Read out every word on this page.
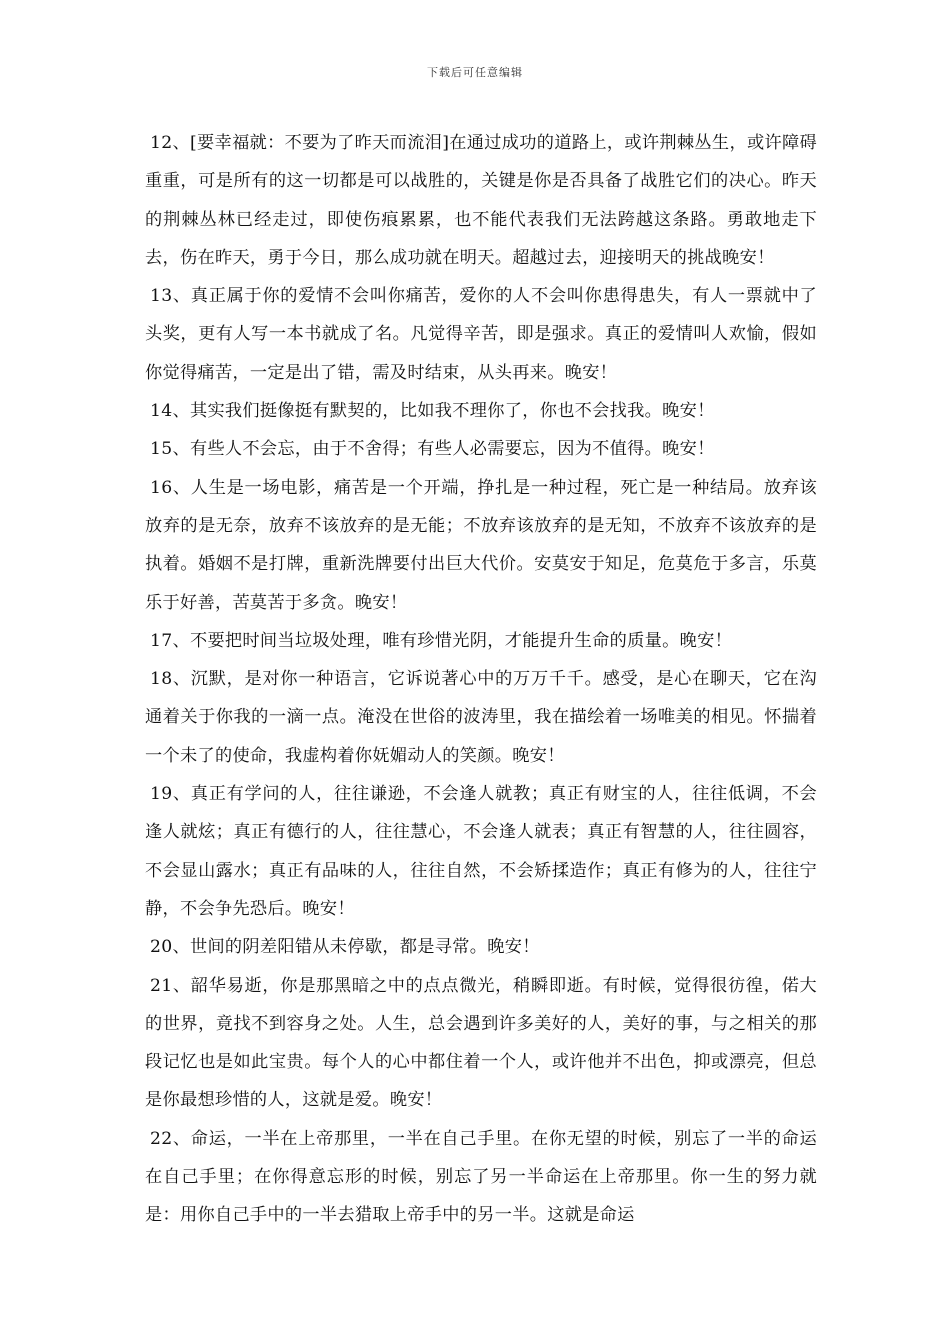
下载后可任意编辑

12、[要幸福就：不要为了昨天而流泪]在通过成功的道路上，或许荆棘丛生，或许障碍重重，可是所有的这一切都是可以战胜的，关键是你是否具备了战胜它们的决心。昨天的荆棘丛林已经走过，即使伤痕累累，也不能代表我们无法跨越这条路。勇敢地走下去，伤在昨天，勇于今日，那么成功就在明天。超越过去，迎接明天的挑战晚安！

13、真正属于你的爱情不会叫你痛苦，爱你的人不会叫你患得患失，有人一票就中了头奖，更有人写一本书就成了名。凡觉得辛苦，即是强求。真正的爱情叫人欢愉，假如你觉得痛苦，一定是出了错，需及时结束，从头再来。晚安！

14、其实我们挺像挺有默契的，比如我不理你了，你也不会找我。晚安！

15、有些人不会忘，由于不舍得；有些人必需要忘，因为不值得。晚安！

16、人生是一场电影，痛苦是一个开端，挣扎是一种过程，死亡是一种结局。放弃该放弃的是无奈，放弃不该放弃的是无能；不放弃该放弃的是无知，不放弃不该放弃的是执着。婚姻不是打牌，重新洗牌要付出巨大代价。安莫安于知足，危莫危于多言，乐莫乐于好善，苦莫苦于多贪。晚安！

17、不要把时间当垃圾处理，唯有珍惜光阴，才能提升生命的质量。晚安！

18、沉默，是对你一种语言，它诉说著心中的万万千千。感受，是心在聊天，它在沟通着关于你我的一滴一点。淹没在世俗的波涛里，我在描绘着一场唯美的相见。怀揣着一个未了的使命，我虚构着你妩媚动人的笑颜。晚安！

19、真正有学问的人，往往谦逊，不会逢人就教；真正有财宝的人，往往低调，不会逢人就炫；真正有德行的人，往往慧心，不会逢人就表；真正有智慧的人，往往圆容，不会显山露水；真正有品味的人，往往自然，不会矫揉造作；真正有修为的人，往往宁静，不会争先恐后。晚安！

20、世间的阴差阳错从未停歇，都是寻常。晚安！

21、韶华易逝，你是那黑暗之中的点点微光，稍瞬即逝。有时候，觉得很彷徨，偌大的世界，竟找不到容身之处。人生，总会遇到许多美好的人，美好的事，与之相关的那段记忆也是如此宝贵。每个人的心中都住着一个人，或许他并不出色，抑或漂亮，但总是你最想珍惜的人，这就是爱。晚安！

22、命运，一半在上帝那里，一半在自己手里。在你无望的时候，别忘了一半的命运在自己手里；在你得意忘形的时候，别忘了另一半命运在上帝那里。你一生的努力就是：用你自己手中的一半去猎取上帝手中的另一半。这就是命运
